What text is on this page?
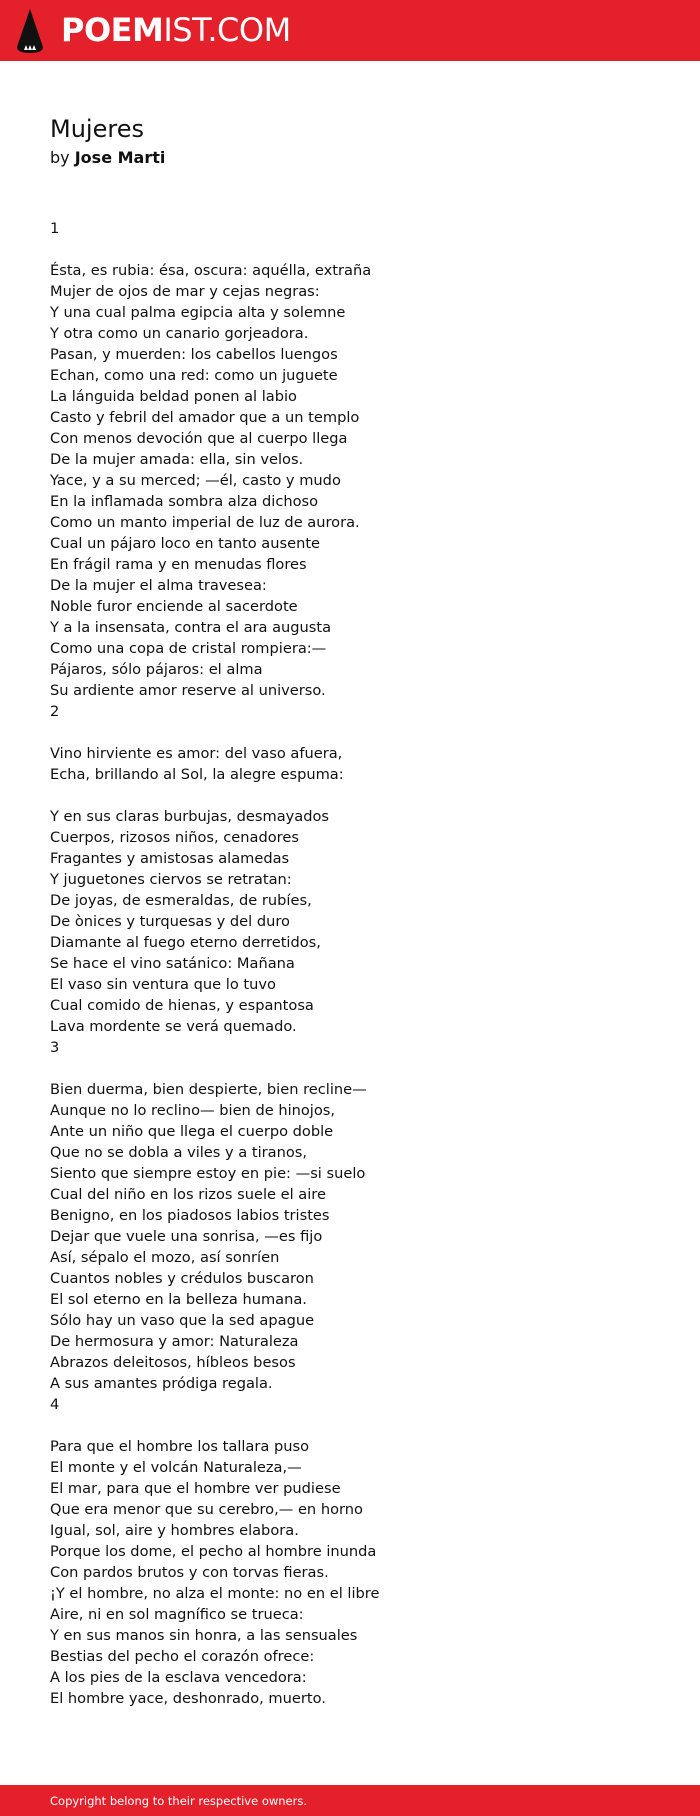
POEMIST.COM
Mujeres
by Jose Marti
1

Ésta, es rubia: ésa, oscura: aquélla, extraña
Mujer de ojos de mar y cejas negras:
Y una cual palma egipcia alta y solemne
Y otra como un canario gorjeadora.
Pasan, y muerden: los cabellos luengos
Echan, como una red: como un juguete
La lánguida beldad ponen al labio
Casto y febril del amador que a un templo
Con menos devoción que al cuerpo llega
De la mujer amada: ella, sin velos.
Yace, y a su merced; —él, casto y mudo
En la inflamada sombra alza dichoso
Como un manto imperial de luz de aurora.
Cual un pájaro loco en tanto ausente
En frágil rama y en menudas flores
De la mujer el alma travesea:
Noble furor enciende al sacerdote
Y a la insensata, contra el ara augusta
Como una copa de cristal rompiera:—
Pájaros, sólo pájaros: el alma
Su ardiente amor reserve al universo.
2

Vino hirviente es amor: del vaso afuera,
Echa, brillando al Sol, la alegre espuma:

Y en sus claras burbujas, desmayados
Cuerpos, rizosos niños, cenadores
Fragantes y amistosas alamedas
Y juguetones ciervos se retratan:
De joyas, de esmeraldas, de rubíes,
De ònices y turquesas y del duro
Diamante al fuego eterno derretidos,
Se hace el vino satánico: Mañana
El vaso sin ventura que lo tuvo
Cual comido de hienas, y espantosa
Lava mordente se verá quemado.
3

Bien duerma, bien despierte, bien recline—
Aunque no lo reclino— bien de hinojos,
Ante un niño que llega el cuerpo doble
Que no se dobla a viles y a tiranos,
Siento que siempre estoy en pie: —si suelo
Cual del niño en los rizos suele el aire
Benigno, en los piadosos labios tristes
Dejar que vuele una sonrisa, —es fijo
Así, sépalo el mozo, así sonríen
Cuantos nobles y crédulos buscaron
El sol eterno en la belleza humana.
Sólo hay un vaso que la sed apague
De hermosura y amor: Naturaleza
Abrazos deleitosos, híbleos besos
A sus amantes pródiga regala.
4

Para que el hombre los tallara puso
El monte y el volcán Naturaleza,—
El mar, para que el hombre ver pudiese
Que era menor que su cerebro,— en horno
Igual, sol, aire y hombres elabora.
Porque los dome, el pecho al hombre inunda
Con pardos brutos y con torvas fieras.
¡Y el hombre, no alza el monte: no en el libre
Aire, ni en sol magnífico se trueca:
Y en sus manos sin honra, a las sensuales
Bestias del pecho el corazón ofrece:
A los pies de la esclava vencedora:
El hombre yace, deshonrado, muerto.
Copyright belong to their respective owners.
